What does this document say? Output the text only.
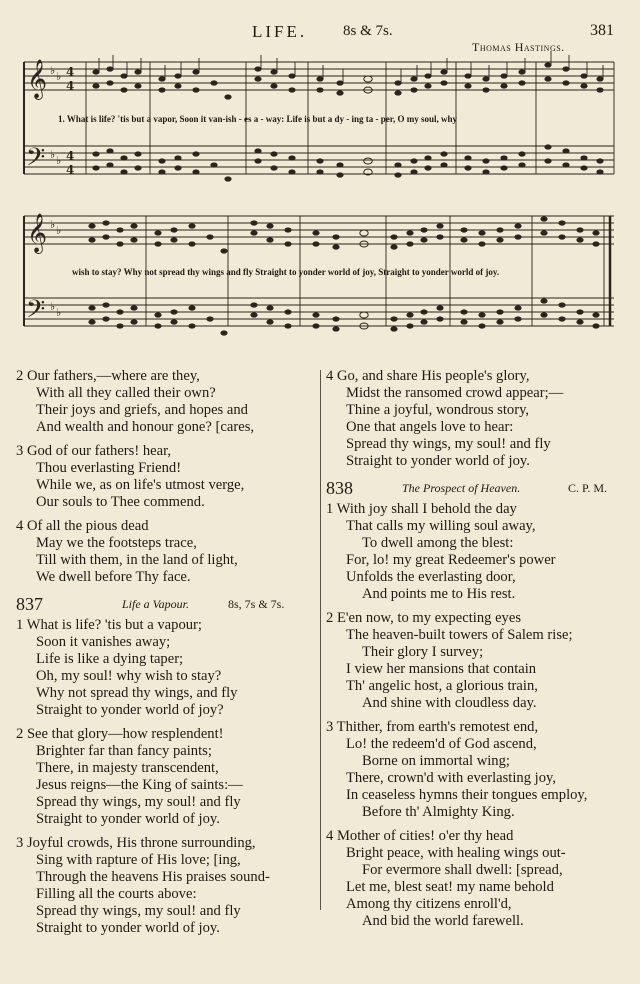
LIFE. 8s & 7s.	381
Thomas Hastings.
𝄞
𝄢
𝄞
𝄢
♭ ♭
♭ ♭
♭ ♭
♭ ♭
4
4
4
4
1. What is life? 'tis but a vapor, Soon it van-ish - es a - way: Life is but a dy - ing ta - per, O my soul, why
wish to stay? Why not spread thy wings and fly Straight to yonder world of joy, Straight to yonder world of joy.
2 Our fathers,—where are they,
With all they called their own?
Their joys and griefs, and hopes and
And wealth and honour gone? [cares,
3 God of our fathers! hear,
Thou everlasting Friend!
While we, as on life's utmost verge,
Our souls to Thee commend.
4 Of all the pious dead
May we the footsteps trace,
Till with them, in the land of light,
We dwell before Thy face.
837	Life a Vapour.	8s, 7s & 7s.
1 What is life? 'tis but a vapour;
Soon it vanishes away;
Life is like a dying taper;
Oh, my soul! why wish to stay?
Why not spread thy wings, and fly
Straight to yonder world of joy?
2 See that glory—how resplendent!
Brighter far than fancy paints;
There, in majesty transcendent,
Jesus reigns—the King of saints:—
Spread thy wings, my soul! and fly
Straight to yonder world of joy.
3 Joyful crowds, His throne surrounding,
Sing with rapture of His love; [ing,
Through the heavens His praises sound-
Filling all the courts above:
Spread thy wings, my soul! and fly
Straight to yonder world of joy.
4 Go, and share His people's glory,
Midst the ransomed crowd appear;—
Thine a joyful, wondrous story,
One that angels love to hear:
Spread thy wings, my soul! and fly
Straight to yonder world of joy.
838	The Prospect of Heaven.	C. P. M.
1 With joy shall I behold the day
That calls my willing soul away,
To dwell among the blest:
For, lo! my great Redeemer's power
Unfolds the everlasting door,
And points me to His rest.
2 E'en now, to my expecting eyes
The heaven-built towers of Salem rise;
Their glory I survey;
I view her mansions that contain
Th' angelic host, a glorious train,
And shine with cloudless day.
3 Thither, from earth's remotest end,
Lo! the redeem'd of God ascend,
Borne on immortal wing;
There, crown'd with everlasting joy,
In ceaseless hymns their tongues employ,
Before th' Almighty King.
4 Mother of cities! o'er thy head
Bright peace, with healing wings out-
For evermore shall dwell: [spread,
Let me, blest seat! my name behold
Among thy citizens enroll'd,
And bid the world farewell.
